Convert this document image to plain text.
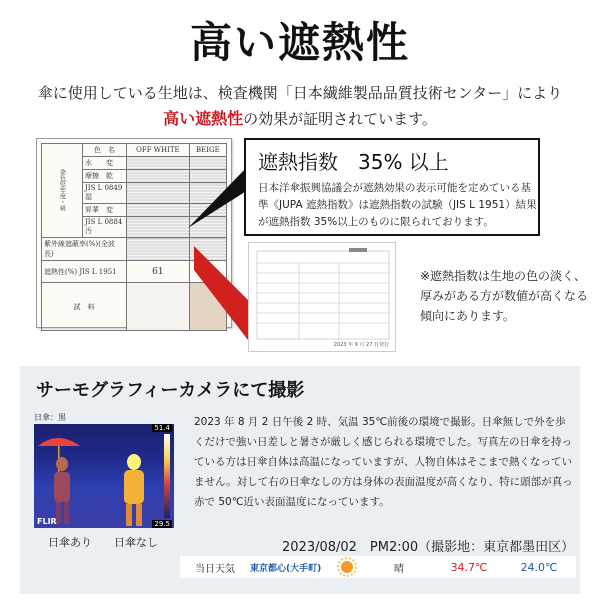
高い遮熱性
傘に使用している生地は、検査機関「日本繊維製品品質技術センター」により
高い遮熱性の効果が証明されています。
染色堅牢度・級	色　名	OFF WHITE	BEIGE
	水　　変		
	摩擦　乾		
	JIS L 0849 湿		
	昇華　変		
	JIS L 0884 汚		
紫外線遮蔽率(%)(全波長)			
遮熱性(%) JIS L 1951		61	
試　料			
遮熱指数　35% 以上
日本洋傘振興協議会が遮熱効果の表示可能を定めている基準《JUPA 遮熱指数》は遮熱指数の試験（JIS L 1951）結果が遮熱指数 35%以上のものに限られております。
2023 年 9 月 27 日発行
※遮熱指数は生地の色の淡く、厚みがある方が数値が高くなる傾向にあります。
サーモグラフィーカメラにて撮影
日傘：黒
51.4
29.5
FLIR
日傘あり 日傘なし
2023 年 8 月 2 日午後 2 時、気温 35℃前後の環境で撮影。日傘無しで外を歩くだけで強い日差しと暑さが厳しく感じられる環境でした。写真左の日傘を持っている方は日傘自体は高温になっていますが、人物自体はそこまで熱くなっていません。対して右の日傘なしの方は身体の表面温度が高くなり、特に頭部が真っ赤で 50℃近い表面温度になっています。
2023/08/02　PM2:00（撮影地：東京都墨田区）
当日天気	東京都心(大手町)	晴	34.7℃	24.0℃
